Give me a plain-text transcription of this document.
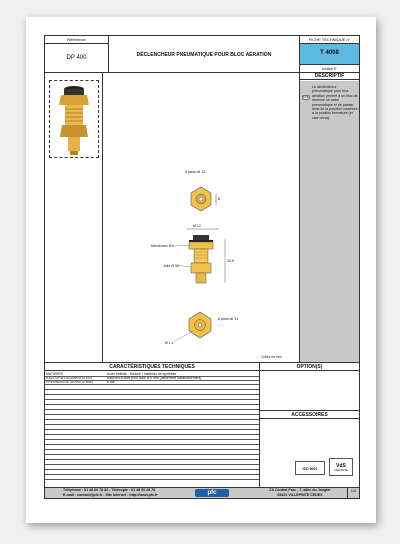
Référence
DP 400	DÉCLENCHEUR PNEUMATIQUE POUR BLOC AÉRATION
FICHE TECHNIQUE n°
T 4008
indice E
DESCRIPTIF
FTE
Le déclencheur pneumatique pour bloc aération permet à un bloc de recevoir un ordre pneumatique et de passer ainsi de la position ouverture à la position fermeture (et vice versa).
6 pans de 12
8
M 12
Membrane Ø 6
Joint Ø 12
30.5
6 pans de 14
Ø 1.2
Cotes en mm
CARACTÉRISTIQUES TECHNIQUES	OPTION(S)
ACCESSOIRES
MATIÈRES	Acier tréfileté - Nickelé / matériau de synthèse
RACCORD D'ALIMENTATION	Raccord à olive pour tube Ø 6 mm (déclenché instantanément)
PRESSION DE SERVICE MAX	6 bar
ISO 9001	VdS
CERTIFIÉ
Téléphone : 01 48 60 78 32 - Télécopie : 01 48 60 28 78
E-mail : contact@pfc.fr - Site Internet : http://www.pfc.fr	pfc	ZA Central Parc - 7, allée du Jongler
93421 VILLEPINTE CEDEX
1/2
